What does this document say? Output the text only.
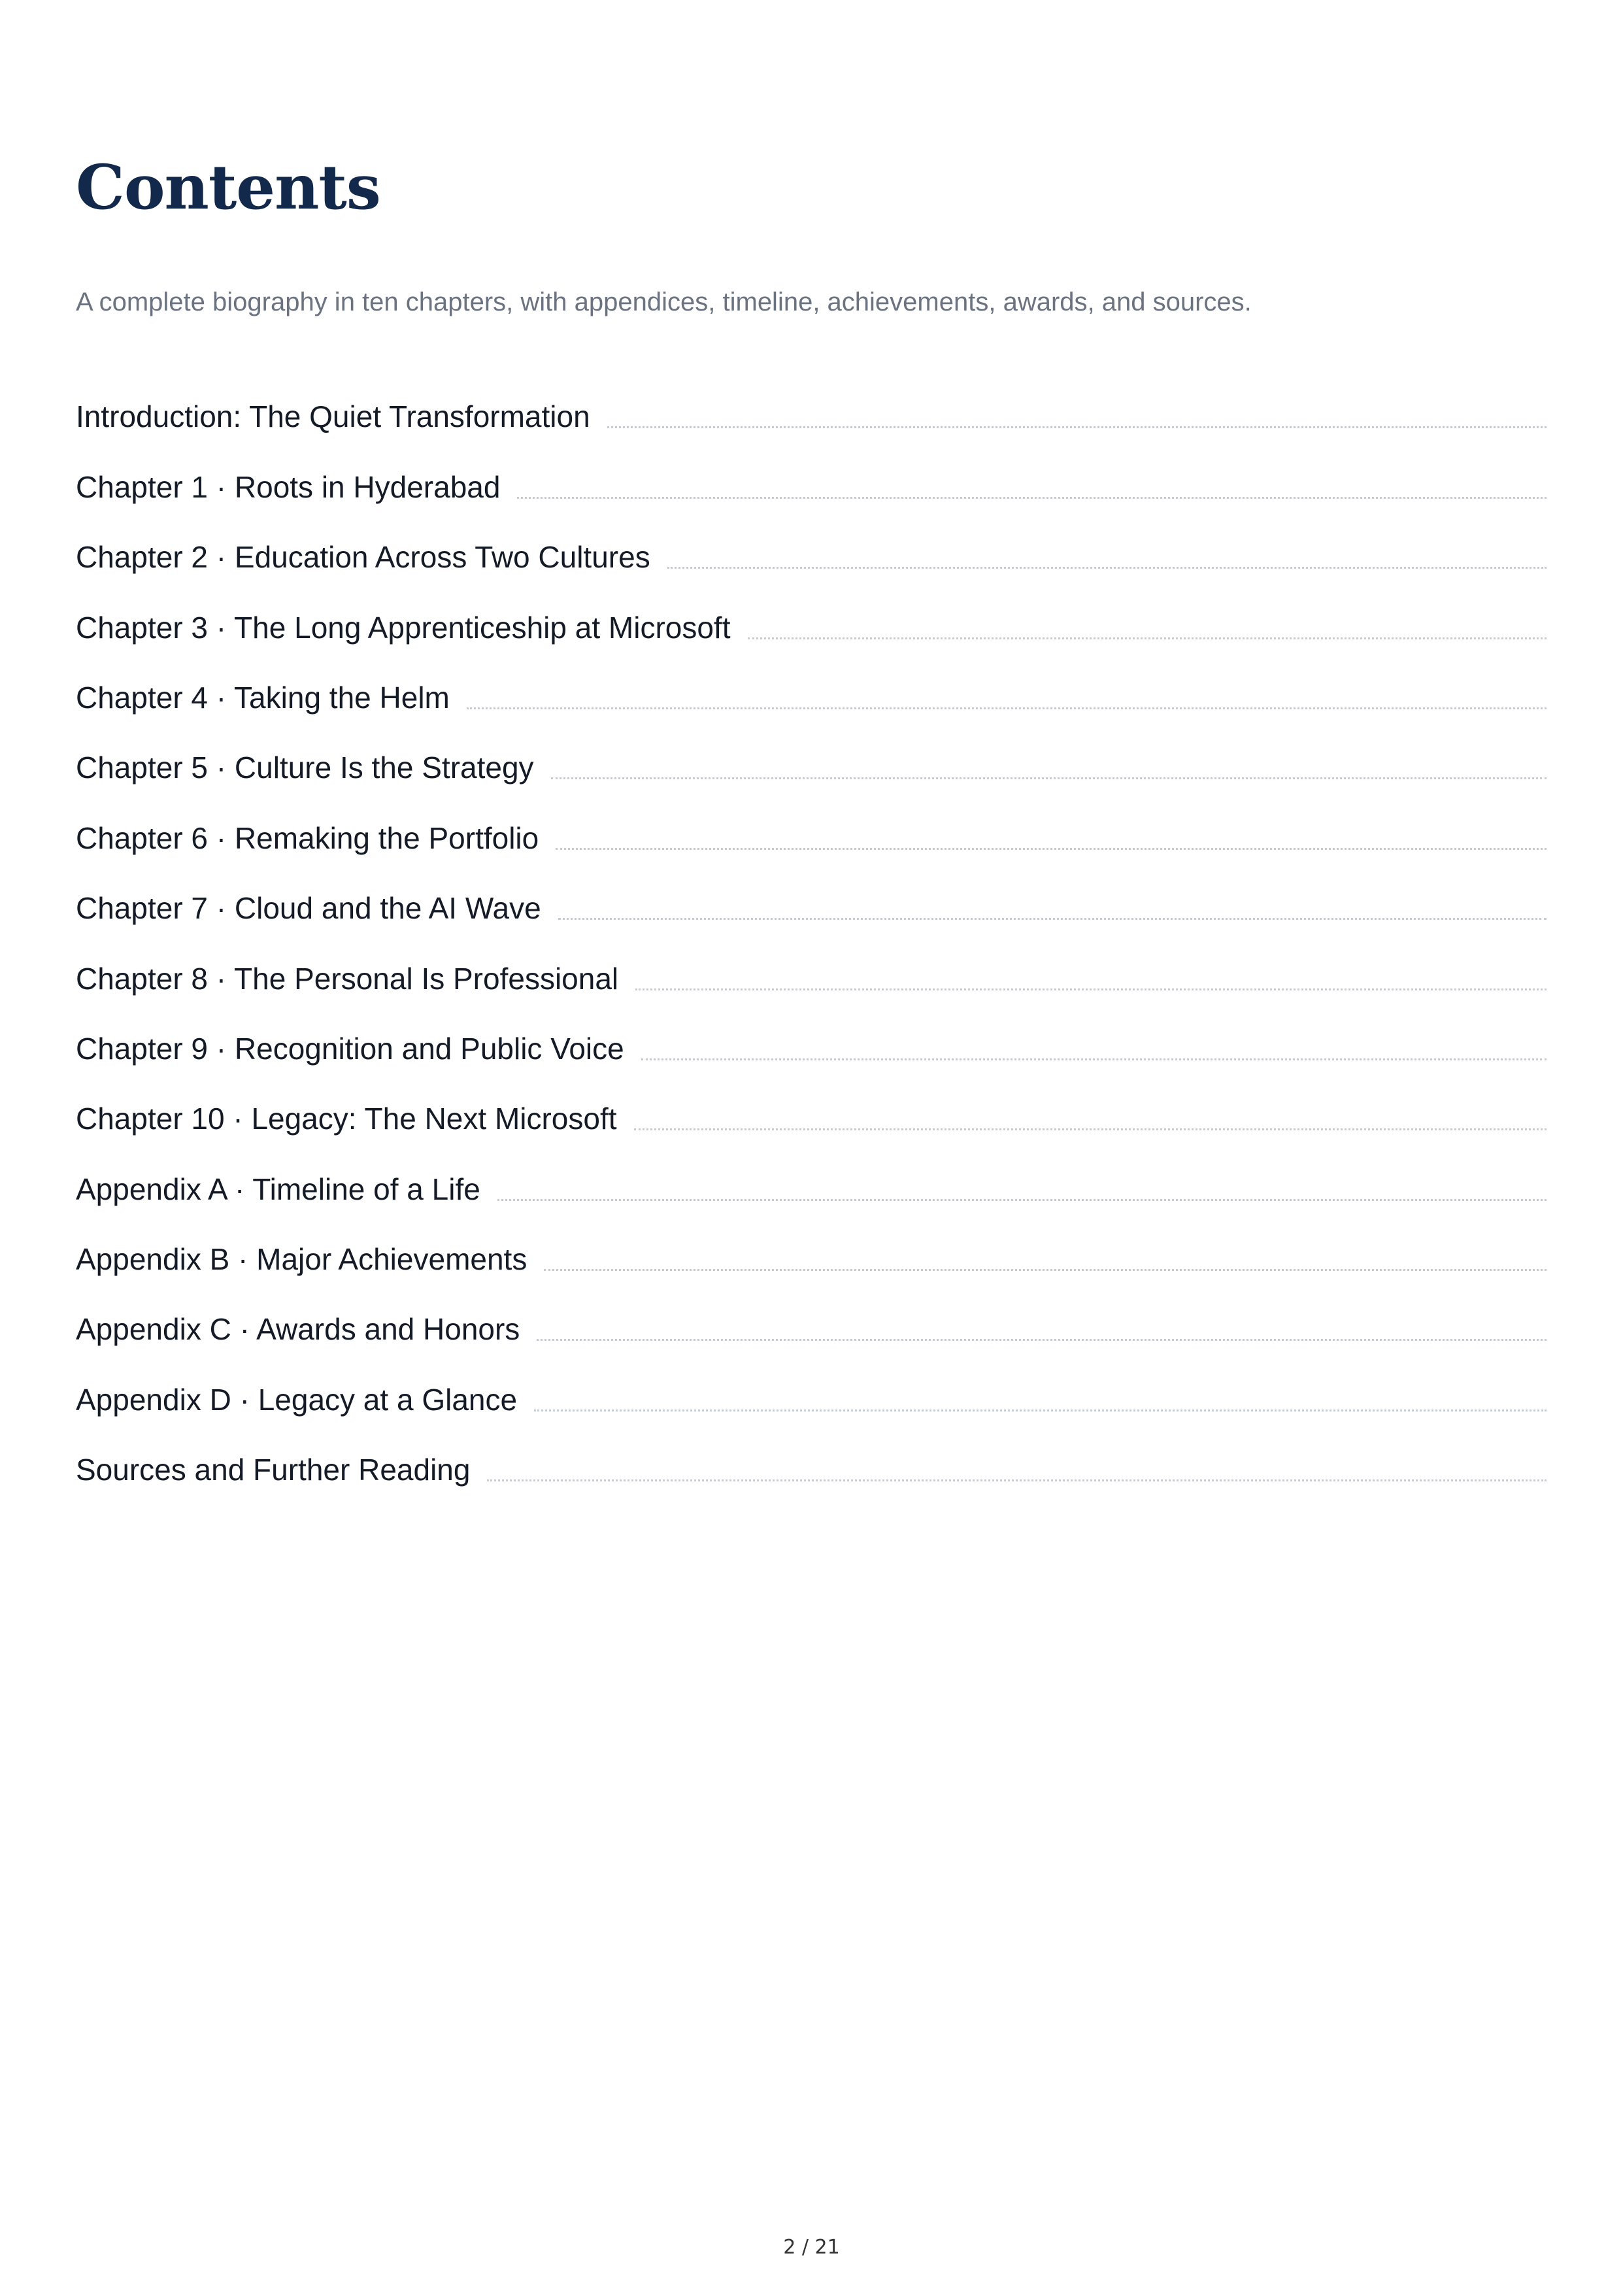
Contents

A complete biography in ten chapters, with appendices, timeline, achievements, awards, and sources.

Introduction: The Quiet Transformation
Chapter 1 · Roots in Hyderabad
Chapter 2 · Education Across Two Cultures
Chapter 3 · The Long Apprenticeship at Microsoft
Chapter 4 · Taking the Helm
Chapter 5 · Culture Is the Strategy
Chapter 6 · Remaking the Portfolio
Chapter 7 · Cloud and the AI Wave
Chapter 8 · The Personal Is Professional
Chapter 9 · Recognition and Public Voice
Chapter 10 · Legacy: The Next Microsoft
Appendix A · Timeline of a Life
Appendix B · Major Achievements
Appendix C · Awards and Honors
Appendix D · Legacy at a Glance
Sources and Further Reading

2 / 21
